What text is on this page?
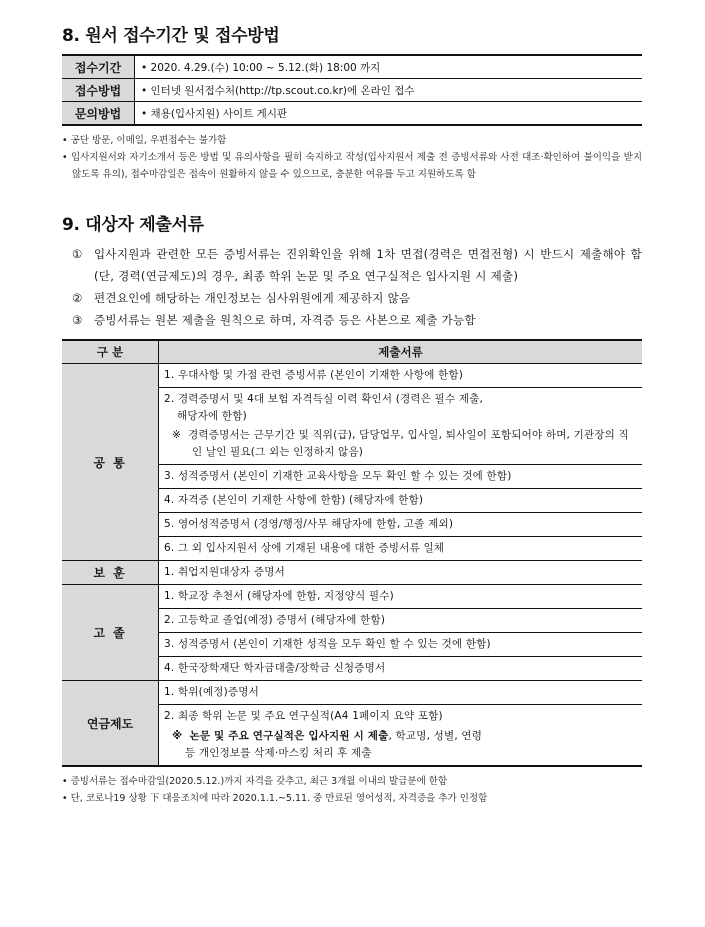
8. 원서 접수기간 및 접수방법
접수기간	• 2020. 4.29.(수) 10:00 ~ 5.12.(화) 18:00 까지
접수방법	• 인터넷 원서접수처(http://tp.scout.co.kr)에 온라인 접수
문의방법	• 채용(입사지원) 사이트 게시판

• 공단 방문, 이메일, 우편접수는 불가함

• 입사지원서와 자기소개서 등은 방법 및 유의사항을 필히 숙지하고 작성(입사지원서 제출 전 증빙서류와 사전 대조·확인하여 불이익을 받지 않도록 유의), 접수마감일은 접속이 원활하지 않을 수 있으므로, 충분한 여유를 두고 지원하도록 함

9. 대상자 제출서류
① 입사지원과 관련한 모든 증빙서류는 진위확인을 위해 1차 면접(경력은 면접전형) 시 반드시 제출해야 함(단, 경력(연금제도)의 경우, 최종 학위 논문 및 주요 연구실적은 입사지원 시 제출)
② 편견요인에 해당하는 개인정보는 심사위원에게 제공하지 않음
③ 증빙서류는 원본 제출을 원칙으로 하며, 자격증 등은 사본으로 제출 가능함
구 분	제출서류
공 통	1. 우대사항 및 가점 관련 증빙서류 (본인이 기재한 사항에 한함)
	2. 경력증명서 및 4대 보험 자격득실 이력 확인서 (경력은 필수 제출,
해당자에 한함)
※ 경력증명서는 근무기간 및 직위(급), 담당업무, 입사일, 퇴사일이 포함되어야 하며, 기관장의 직인 날인 필요(그 외는 인정하지 않음)

	3. 성적증명서 (본인이 기재한 교육사항을 모두 확인 할 수 있는 것에 한함)
	4. 자격증 (본인이 기재한 사항에 한함) (해당자에 한함)
	5. 영어성적증명서 (경영/행정/사무 해당자에 한함, 고졸 제외)
	6. 그 외 입사지원서 상에 기재된 내용에 대한 증빙서류 일체
보 훈	1. 취업지원대상자 증명서
고 졸	1. 학교장 추천서 (해당자에 한함, 지정양식 필수)
	2. 고등학교 졸업(예정) 증명서 (해당자에 한함)
	3. 성적증명서 (본인이 기재한 성적을 모두 확인 할 수 있는 것에 한함)
	4. 한국장학재단 학자금대출/장학금 신청증명서
연금제도	1. 학위(예정)증명서
	2. 최종 학위 논문 및 주요 연구실적(A4 1페이지 요약 포함)
※ 논문 및 주요 연구실적은 입사지원 시 제출, 학교명, 성별, 연령

등 개인정보를 삭제·마스킹 처리 후 제출

• 증빙서류는 접수마감일(2020.5.12.)까지 자격을 갖추고, 최근 3개월 이내의 발급분에 한함

• 단, 코로나19 상황 下 대응조치에 따라 2020.1.1.~5.11. 중 만료된 영어성적, 자격증을 추가 인정함
